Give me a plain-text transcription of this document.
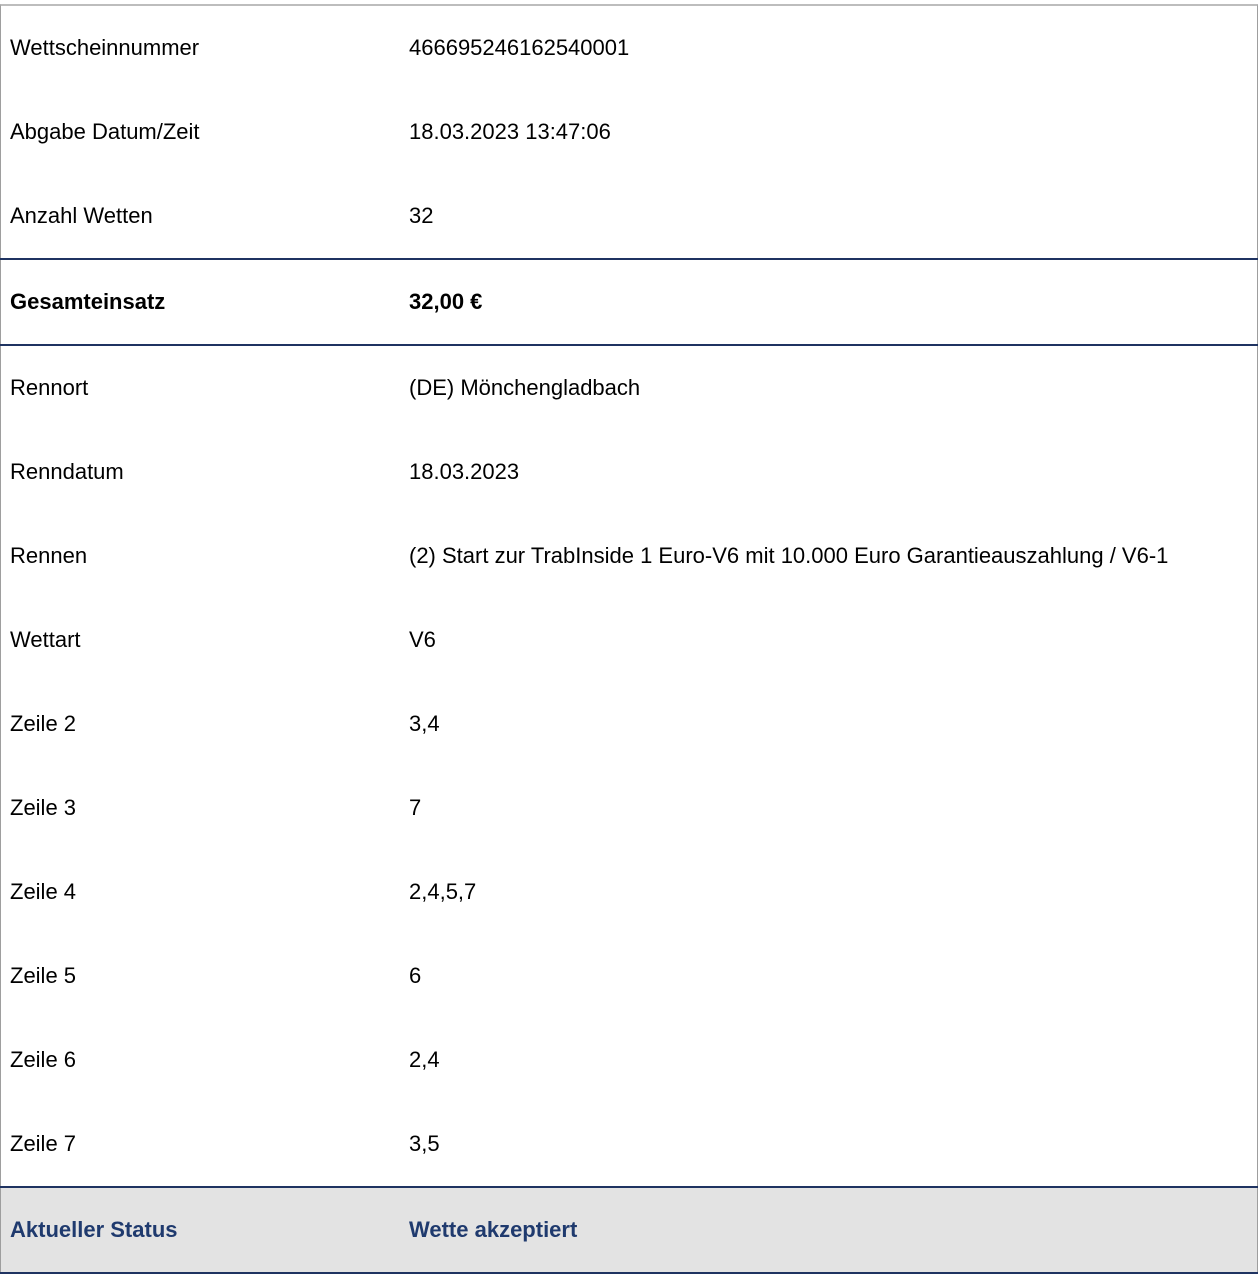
Wettscheinnummer	466695246162540001
Abgabe Datum/Zeit	18.03.2023 13:47:06
Anzahl Wetten	32
Gesamteinsatz	32,00 €
Rennort	(DE) Mönchengladbach
Renndatum	18.03.2023
Rennen	(2) Start zur TrabInside 1 Euro-V6 mit 10.000 Euro Garantieauszahlung / V6-1
Wettart	V6
Zeile 2	3,4
Zeile 3	7
Zeile 4	2,4,5,7
Zeile 5	6
Zeile 6	2,4
Zeile 7	3,5
Aktueller Status	Wette akzeptiert
